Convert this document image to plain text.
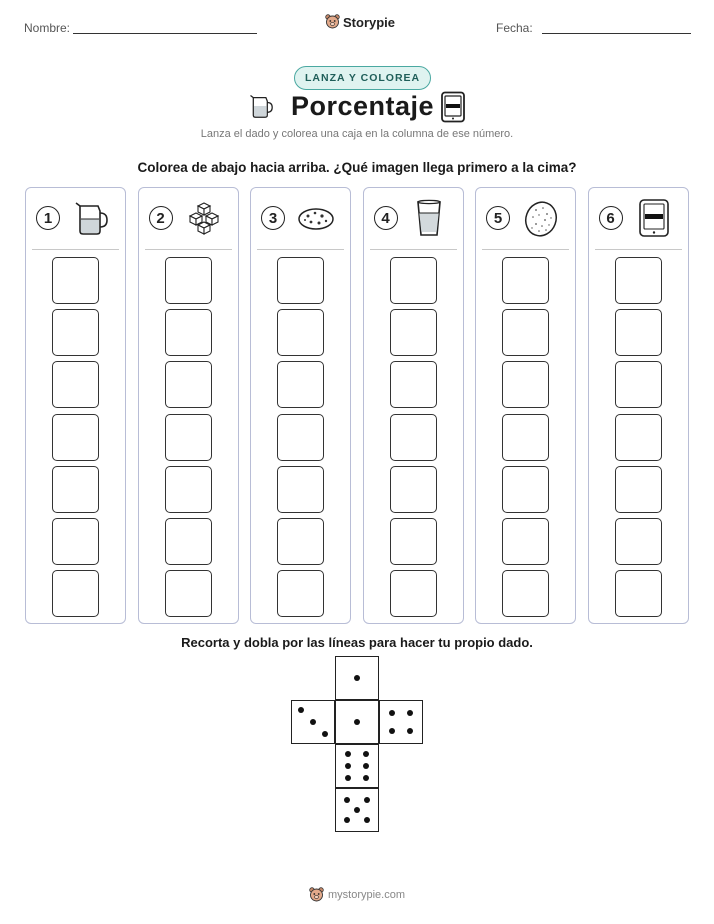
Nombre:	Storypie	Fecha:
LANZA Y COLOREA
Porcentaje
Lanza el dado y colorea una caja en la columna de ese número.
Colorea de abajo hacia arriba. ¿Qué imagen llega primero a la cima?
1	2	3	4	5	6
Recorta y dobla por las líneas para hacer tu propio dado.
mystorypie.com
